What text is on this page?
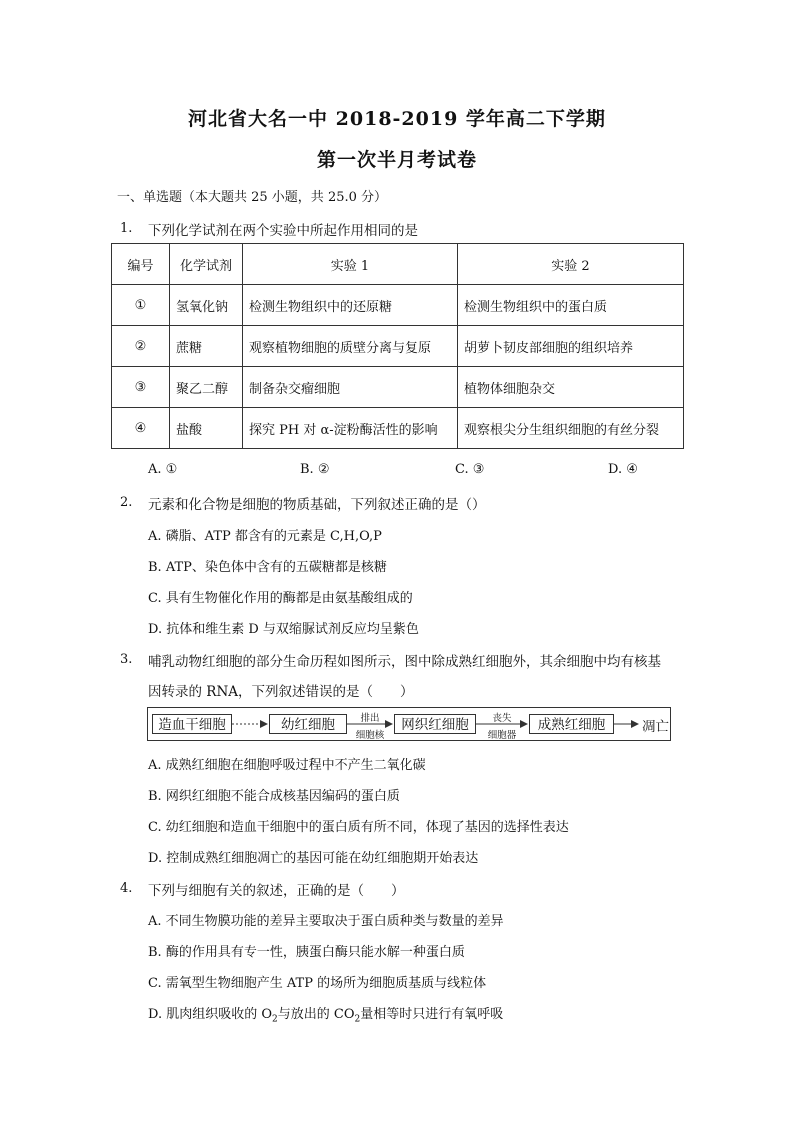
河北省大名一中 2018-2019 学年高二下学期
第一次半月考试卷
一、单选题（本大题共 25 小题，共 25.0 分）
1. 下列化学试剂在两个实验中所起作用相同的是
编号	化学试剂	实验 1	实验 2
①	氢氧化钠	检测生物组织中的还原糖	检测生物组织中的蛋白质
②	蔗糖	观察植物细胞的质壁分离与复原	胡萝卜韧皮部细胞的组织培养
③	聚乙二醇	制备杂交瘤细胞	植物体细胞杂交
④	盐酸	探究 PH 对 α-淀粉酶活性的影响	观察根尖分生组织细胞的有丝分裂
A. ①	B. ②	C. ③	D. ④
2. 元素和化合物是细胞的物质基础，下列叙述正确的是（）
A. 磷脂、ATP 都含有的元素是 C,H,O,P
B. ATP、染色体中含有的五碳糖都是核糖
C. 具有生物催化作用的酶都是由氨基酸组成的
D. 抗体和维生素 D 与双缩脲试剂反应均呈紫色
3. 哺乳动物红细胞的部分生命历程如图所示，图中除成熟红细胞外，其余细胞中均有核基
因转录的 RNA，下列叙述错误的是（　　）
造血干细胞	幼红细胞	排出
细胞核
网织红细胞	丧失
细胞器
成熟红细胞	凋亡
A. 成熟红细胞在细胞呼吸过程中不产生二氧化碳
B. 网织红细胞不能合成核基因编码的蛋白质
C. 幼红细胞和造血干细胞中的蛋白质有所不同，体现了基因的选择性表达
D. 控制成熟红细胞凋亡的基因可能在幼红细胞期开始表达
4. 下列与细胞有关的叙述，正确的是（　　）
A. 不同生物膜功能的差异主要取决于蛋白质种类与数量的差异
B. 酶的作用具有专一性，胰蛋白酶只能水解一种蛋白质
C. 需氧型生物细胞产生 ATP 的场所为细胞质基质与线粒体
D. 肌肉组织吸收的 $O_2$与放出的 $CO_2$量相等时只进行有氧呼吸
